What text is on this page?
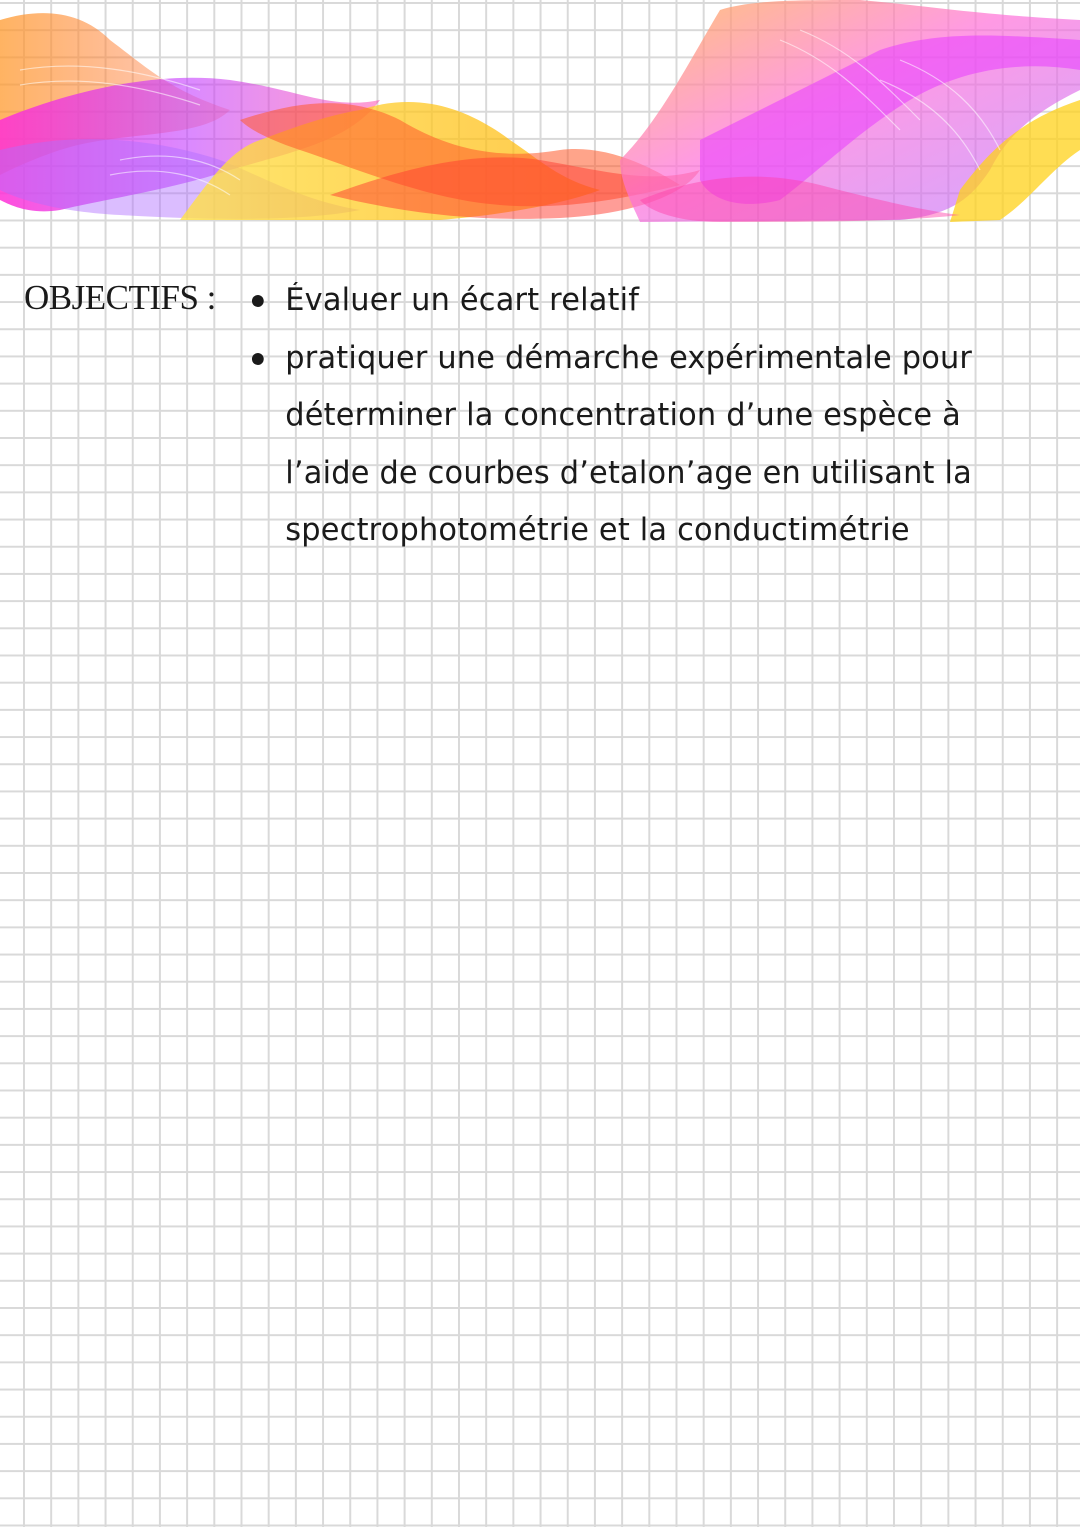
OBJECTIFS :	Évaluer un écart relatif
pratiquer une démarche expérimentale pour déterminer la concentration d’une espèce à l’aide de courbes d’etalon’age en utilisant la spectrophotométrie et la conductimétrie
